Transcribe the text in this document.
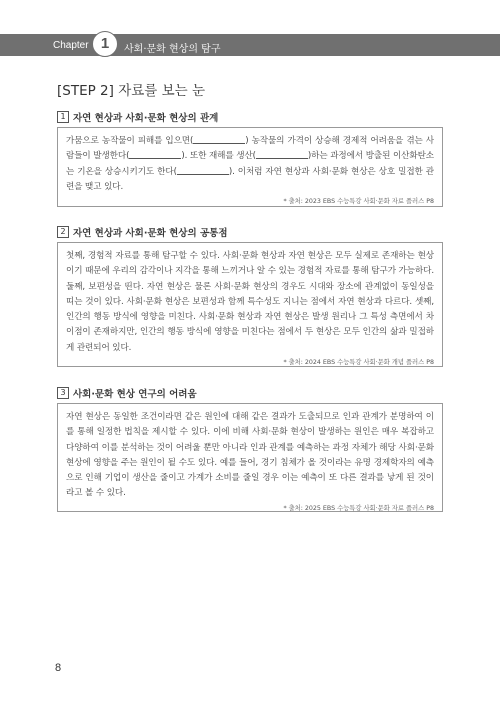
Chapter 1	사회·문화 현상의 탐구
[STEP 2] 자료를 보는 눈
1 자연 현상과 사회·문화 현상의 관계

가뭄으로 농작물이 피해를 입으면(	) 농작물의 가격이 상승해 경제적 어려움을 겪는 사람들이 발생한다(	). 또한 재해를 생산(	)하는 과정에서 방출된 이산화탄소는 기온을 상승시키기도 한다(	). 이처럼 자연 현상과 사회·문화 현상은 상호 밀접한 관련을 맺고 있다.

* 출처: 2023 EBS 수능특강 사회·문화 자료 플러스 P8
2 자연 현상과 사회·문화 현상의 공통점

첫째, 경험적 자료를 통해 탐구할 수 있다. 사회·문화 현상과 자연 현상은 모두 실제로 존재하는 현상이기 때문에 우리의 감각이나 지각을 통해 느끼거나 알 수 있는 경험적 자료를 통해 탐구가 가능하다. 둘째, 보편성을 띤다. 자연 현상은 물론 사회·문화 현상의 경우도 시대와 장소에 관계없이 동일성을 띠는 것이 있다. 사회·문화 현상은 보편성과 함께 특수성도 지니는 점에서 자연 현상과 다르다. 셋째, 인간의 행동 방식에 영향을 미친다. 사회·문화 현상과 자연 현상은 발생 원리나 그 특성 측면에서 차이점이 존재하지만, 인간의 행동 방식에 영향을 미친다는 점에서 두 현상은 모두 인간의 삶과 밀접하게 관련되어 있다.

* 출처: 2024 EBS 수능특강 사회·문화 개념 플러스 P8
3 사회·문화 현상 연구의 어려움

자연 현상은 동일한 조건이라면 같은 원인에 대해 같은 결과가 도출되므로 인과 관계가 분명하여 이를 통해 일정한 법칙을 제시할 수 있다. 이에 비해 사회·문화 현상이 발생하는 원인은 매우 복잡하고 다양하여 이를 분석하는 것이 어려울 뿐만 아니라 인과 관계를 예측하는 과정 자체가 해당 사회·문화 현상에 영향을 주는 원인이 될 수도 있다. 예를 들어, 경기 침체가 올 것이라는 유명 경제학자의 예측으로 인해 기업이 생산을 줄이고 가계가 소비를 줄일 경우 이는 예측이 또 다른 결과를 낳게 된 것이라고 볼 수 있다.

* 출처: 2025 EBS 수능특강 사회·문화 자료 플러스 P8
8
